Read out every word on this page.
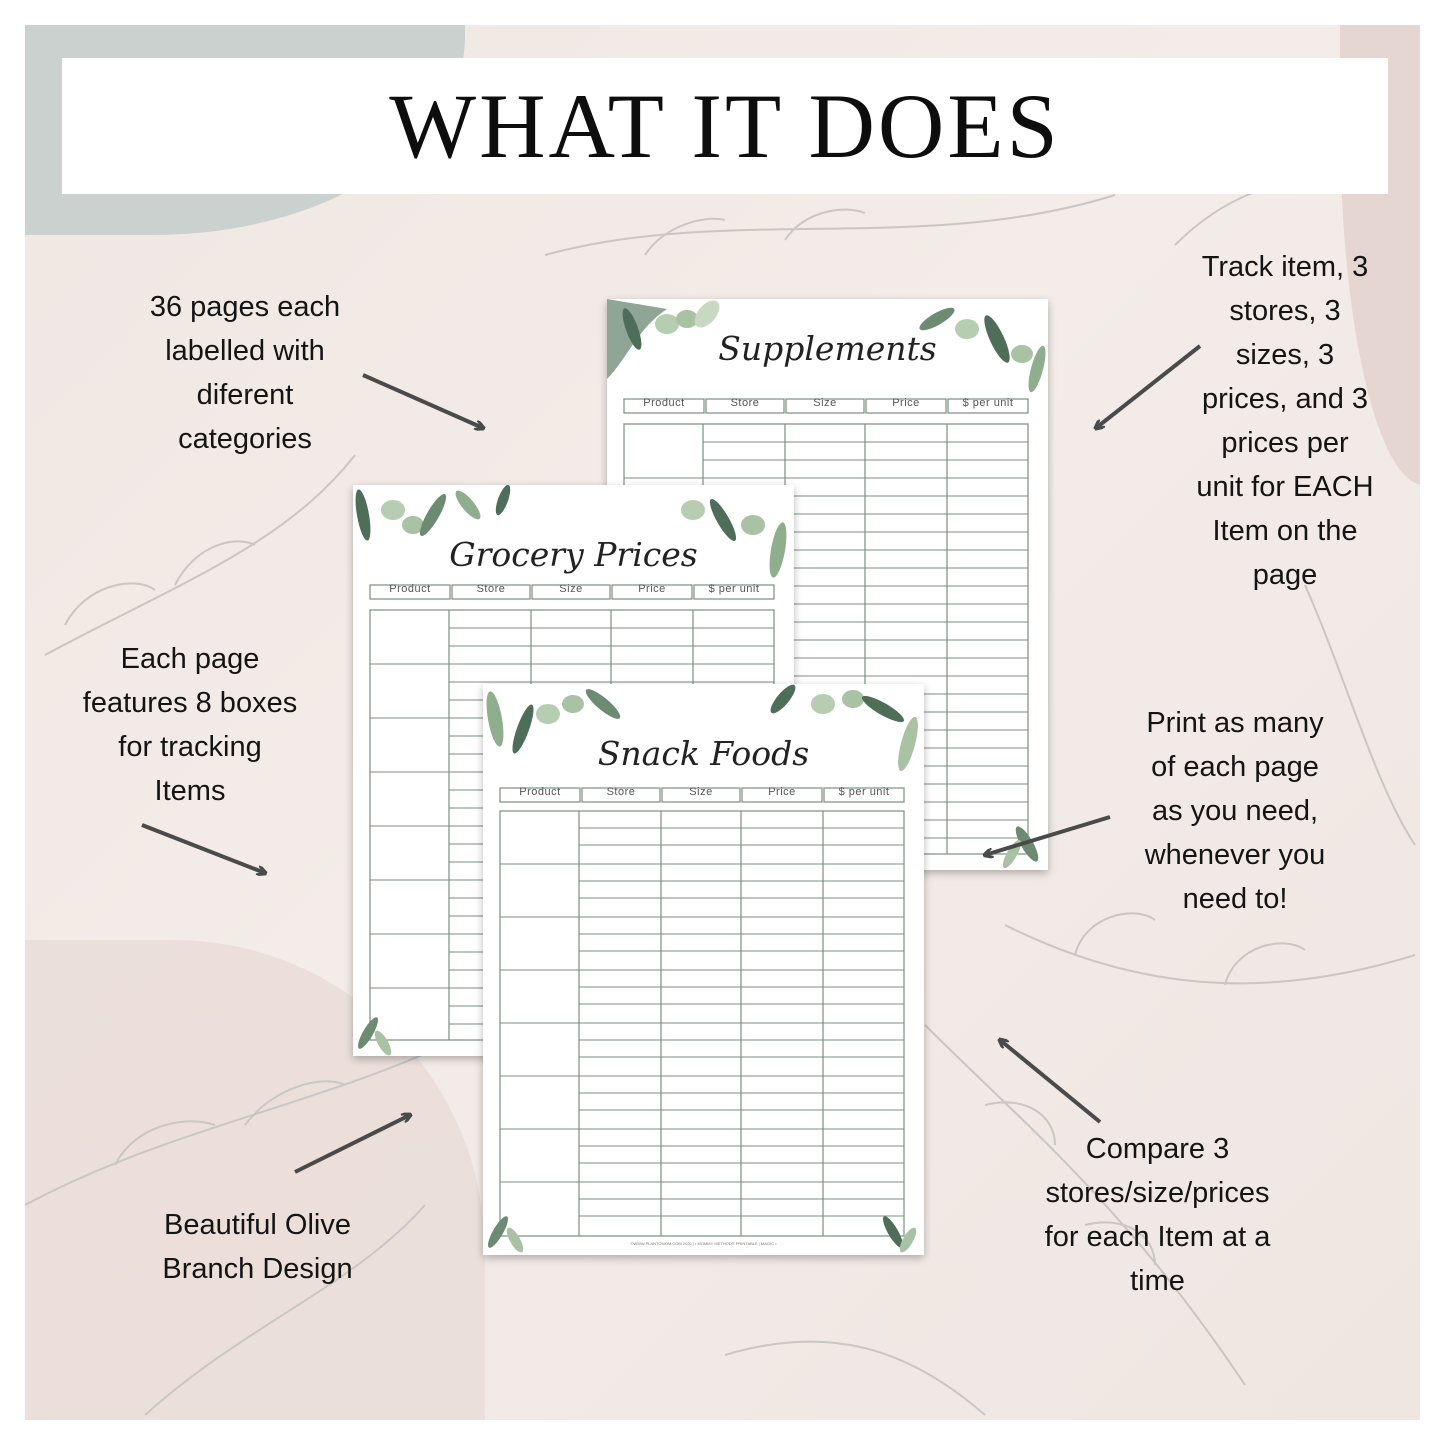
WHAT IT DOES
Supplements
Product	Store	Size	Price	$ per unit
Grocery Prices
Product	Store	Size	Price	$ per unit
Snack Foods
Product	Store	Size	Price	$ per unit
©WWW.PLANTOMOM.COM 2020 | • MOMMY METHOD® PRINTABLE | MAGIC •
36 pages each
labelled with
diferent
categories
Track item, 3
stores, 3
sizes, 3
prices, and 3
prices per
unit for EACH
Item on the
page
Each page
features 8 boxes
for tracking
Items
Print as many
of each page
as you need,
whenever you
need to!
Beautiful Olive
Branch Design
Compare 3
stores/size/prices
for each Item at a
time
